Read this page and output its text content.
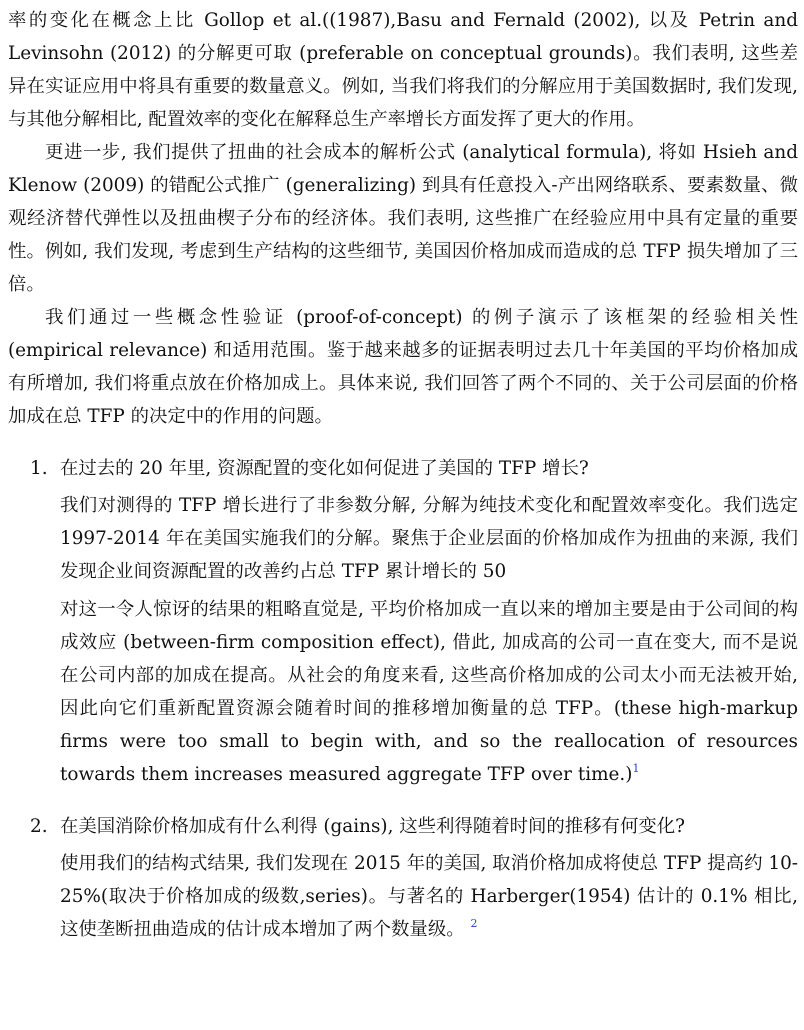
率的变化在概念上比 Gollop et al.((1987),Basu and Fernald (2002), 以及 Petrin and Levinsohn (2012) 的分解更可取 (preferable on conceptual grounds)。我们表明, 这些差异在实证应用中将具有重要的数量意义。例如, 当我们将我们的分解应用于美国数据时, 我们发现, 与其他分解相比, 配置效率的变化在解释总生产率增长方面发挥了更大的作用。

更进一步, 我们提供了扭曲的社会成本的解析公式 (analytical formula), 将如 Hsieh and Klenow (2009) 的错配公式推广 (generalizing) 到具有任意投入-产出网络联系、要素数量、微观经济替代弹性以及扭曲楔子分布的经济体。我们表明, 这些推广在经验应用中具有定量的重要性。例如, 我们发现, 考虑到生产结构的这些细节, 美国因价格加成而造成的总 TFP 损失增加了三倍。

我们通过一些概念性验证 (proof-of-concept) 的例子演示了该框架的经验相关性 (empirical relevance) 和适用范围。鉴于越来越多的证据表明过去几十年美国的平均价格加成有所增加, 我们将重点放在价格加成上。具体来说, 我们回答了两个不同的、关于公司层面的价格加成在总 TFP 的决定中的作用的问题。

1. 在过去的 20 年里, 资源配置的变化如何促进了美国的 TFP 增长?

我们对测得的 TFP 增长进行了非参数分解, 分解为纯技术变化和配置效率变化。我们选定 1997-2014 年在美国实施我们的分解。聚焦于企业层面的价格加成作为扭曲的来源, 我们发现企业间资源配置的改善约占总 TFP 累计增长的 50

对这一令人惊讶的结果的粗略直觉是, 平均价格加成一直以来的增加主要是由于公司间的构成效应 (between-firm composition effect), 借此, 加成高的公司一直在变大, 而不是说在公司内部的加成在提高。从社会的角度来看, 这些高价格加成的公司太小而无法被开始, 因此向它们重新配置资源会随着时间的推移增加衡量的总 TFP。(these high-markup firms were too small to begin with, and so the reallocation of resources towards them increases measured aggregate TFP over time.)$^1$

2. 在美国消除价格加成有什么利得 (gains), 这些利得随着时间的推移有何变化?

使用我们的结构式结果, 我们发现在 2015 年的美国, 取消价格加成将使总 TFP 提高约 10-25%(取决于价格加成的级数,series)。与著名的 Harberger(1954) 估计的 0.1% 相比, 这使垄断扭曲造成的估计成本增加了两个数量级。 $^2$
